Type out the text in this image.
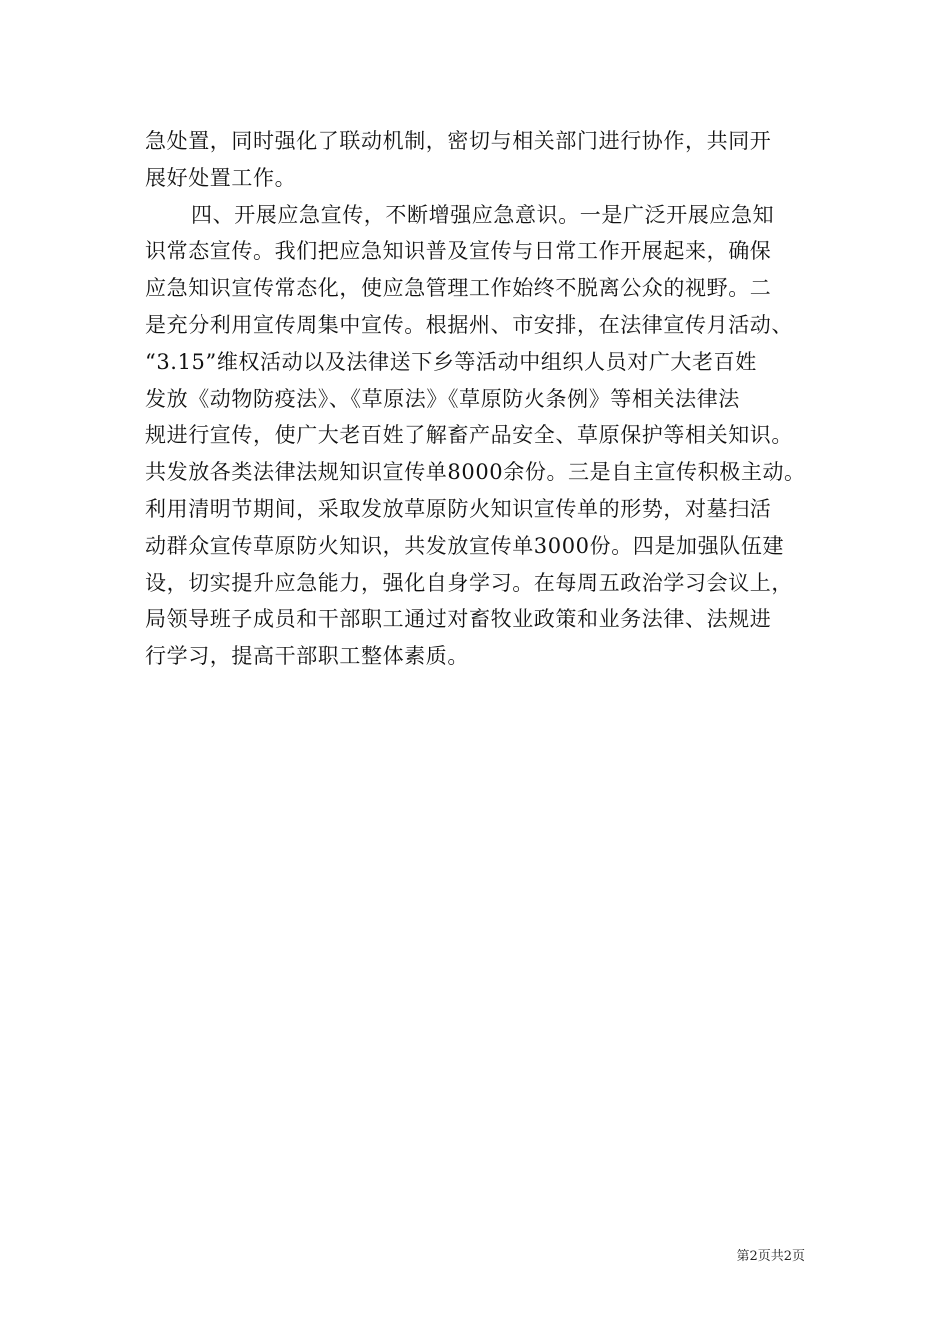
急处置，同时强化了联动机制，密切与相关部门进行协作，共同开
展好处置工作。
四、开展应急宣传，不断增强应急意识。一是广泛开展应急知
识常态宣传。我们把应急知识普及宣传与日常工作开展起来，确保
应急知识宣传常态化，使应急管理工作始终不脱离公众的视野。二
是充分利用宣传周集中宣传。根据州、市安排，在法律宣传月活动、
“3.15”维权活动以及法律送下乡等活动中组织人员对广大老百姓
发放《动物防疫法》、《草原法》《草原防火条例》等相关法律法
规进行宣传，使广大老百姓了解畜产品安全、草原保护等相关知识。
共发放各类法律法规知识宣传单8000余份。三是自主宣传积极主动。
利用清明节期间，采取发放草原防火知识宣传单的形势，对墓扫活
动群众宣传草原防火知识，共发放宣传单3000份。四是加强队伍建
设，切实提升应急能力，强化自身学习。在每周五政治学习会议上，
局领导班子成员和干部职工通过对畜牧业政策和业务法律、法规进
行学习，提高干部职工整体素质。
第2页共2页
